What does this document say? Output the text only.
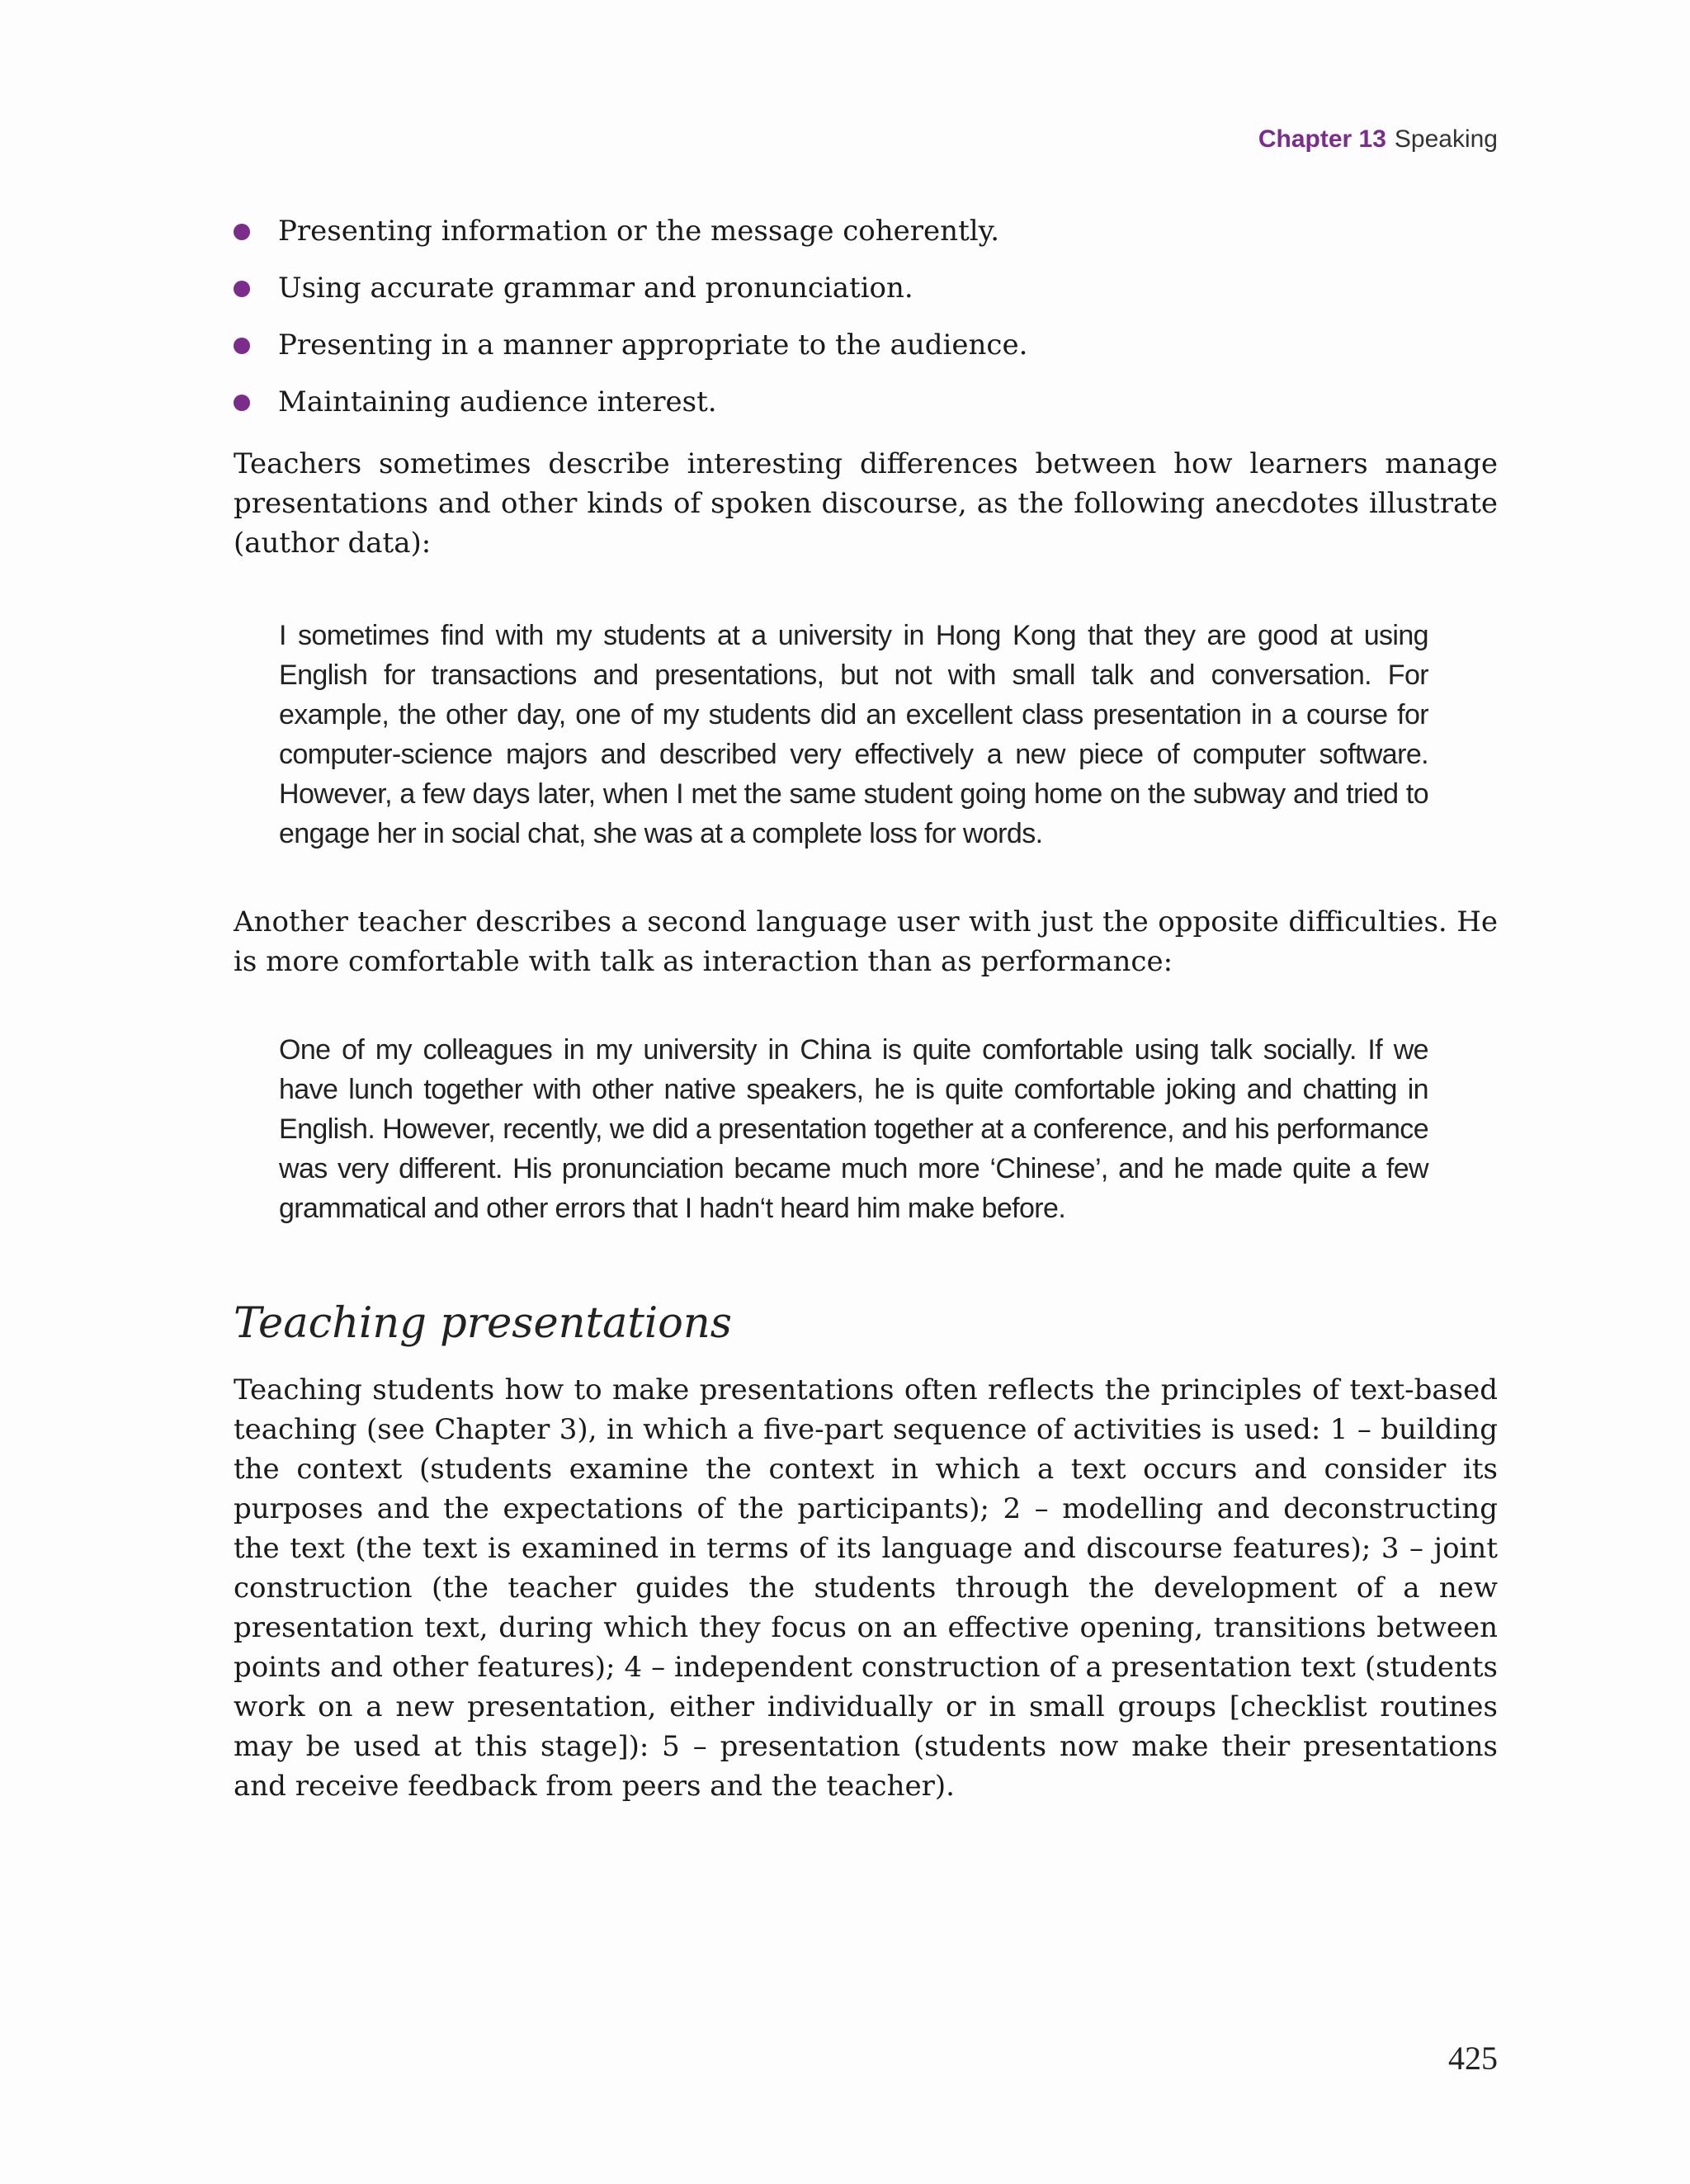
Chapter 13 Speaking
Presenting information or the message coherently.
Using accurate grammar and pronunciation.
Presenting in a manner appropriate to the audience.
Maintaining audience interest.

Teachers sometimes describe interesting differences between how learners manage presentations and other kinds of spoken discourse, as the following anecdotes illustrate (author data):

I sometimes find with my students at a university in Hong Kong that they are good at using English for transactions and presentations, but not with small talk and conversation. For example, the other day, one of my students did an excellent class presentation in a course for computer-science majors and described very effectively a new piece of computer software. However, a few days later, when I met the same student going home on the subway and tried to engage her in social chat, she was at a complete loss for words.

Another teacher describes a second language user with just the opposite difficulties. He is more comfortable with talk as interaction than as performance:

One of my colleagues in my university in China is quite comfortable using talk socially. If we have lunch together with other native speakers, he is quite comfortable joking and chatting in English. However, recently, we did a presentation together at a conference, and his performance was very different. His pronunciation became much more ‘Chinese’, and he made quite a few grammatical and other errors that I hadn‘t heard him make before.

Teaching presentations

Teaching students how to make presentations often reflects the principles of text-based teaching (see Chapter 3), in which a five-part sequence of activities is used: 1 – building the context (students examine the context in which a text occurs and consider its purposes and the expectations of the participants); 2 – modelling and deconstructing the text (the text is examined in terms of its language and discourse features); 3 – joint construction (the teacher guides the students through the development of a new presentation text, during which they focus on an effective opening, transitions between points and other features); 4 – independent construction of a presentation text (students work on a new presentation, either individually or in small groups [checklist routines may be used at this stage]): 5 – presentation (students now make their presentations and receive feedback from peers and the teacher).

425
